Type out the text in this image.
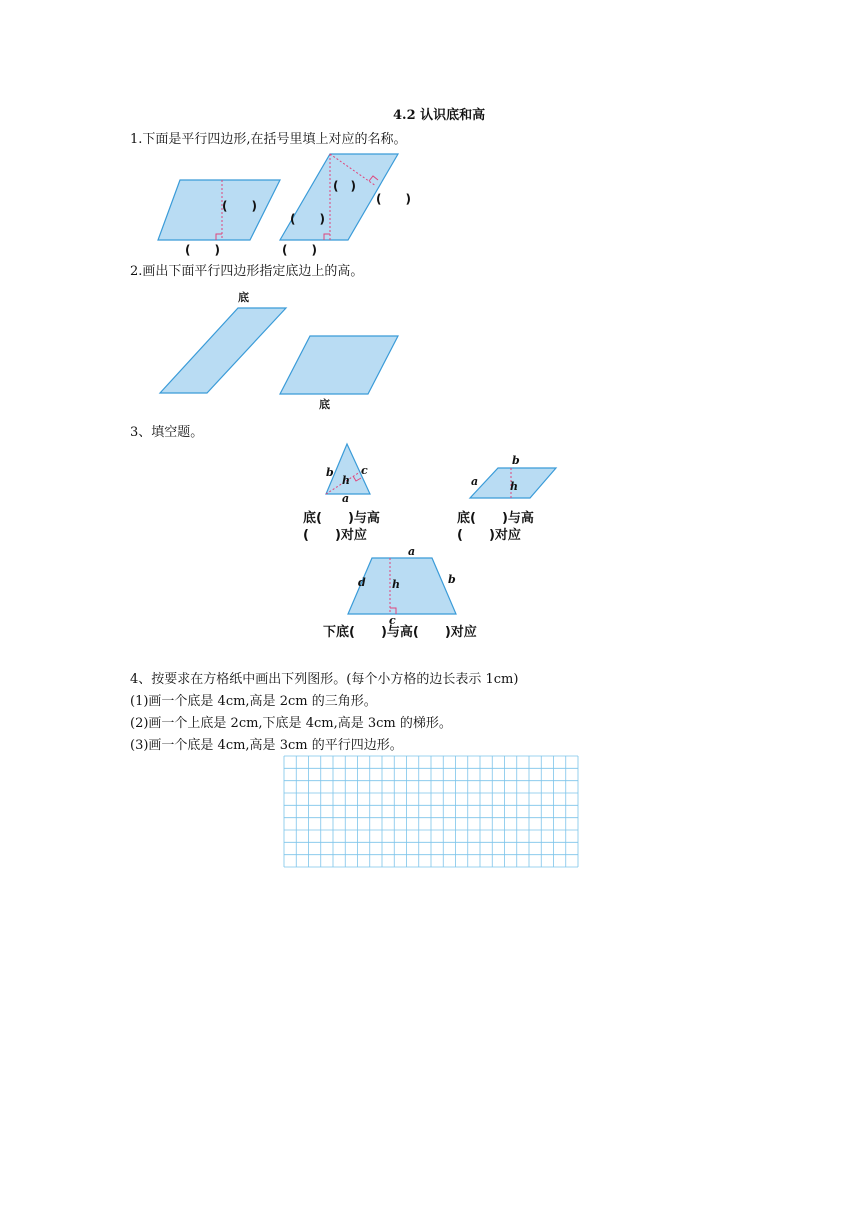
4.2 认识底和高
1.下面是平行四边形,在括号里填上对应的名称。
(　　)
(　　)
(　)
(　　)
(　　)
(　　)
2.画出下面平行四边形指定底边上的高。
底
底
3、填空题。
b c
h
a
底(　　)与高
(　　)对应
b
a	h
底(　　)与高
(　　)对应
a
d h	b
c
下底(　　)与高(　　)对应
4、按要求在方格纸中画出下列图形。(每个小方格的边长表示 1cm)
(1)画一个底是 4cm,高是 2cm 的三角形。
(2)画一个上底是 2cm,下底是 4cm,高是 3cm 的梯形。
(3)画一个底是 4cm,高是 3cm 的平行四边形。
